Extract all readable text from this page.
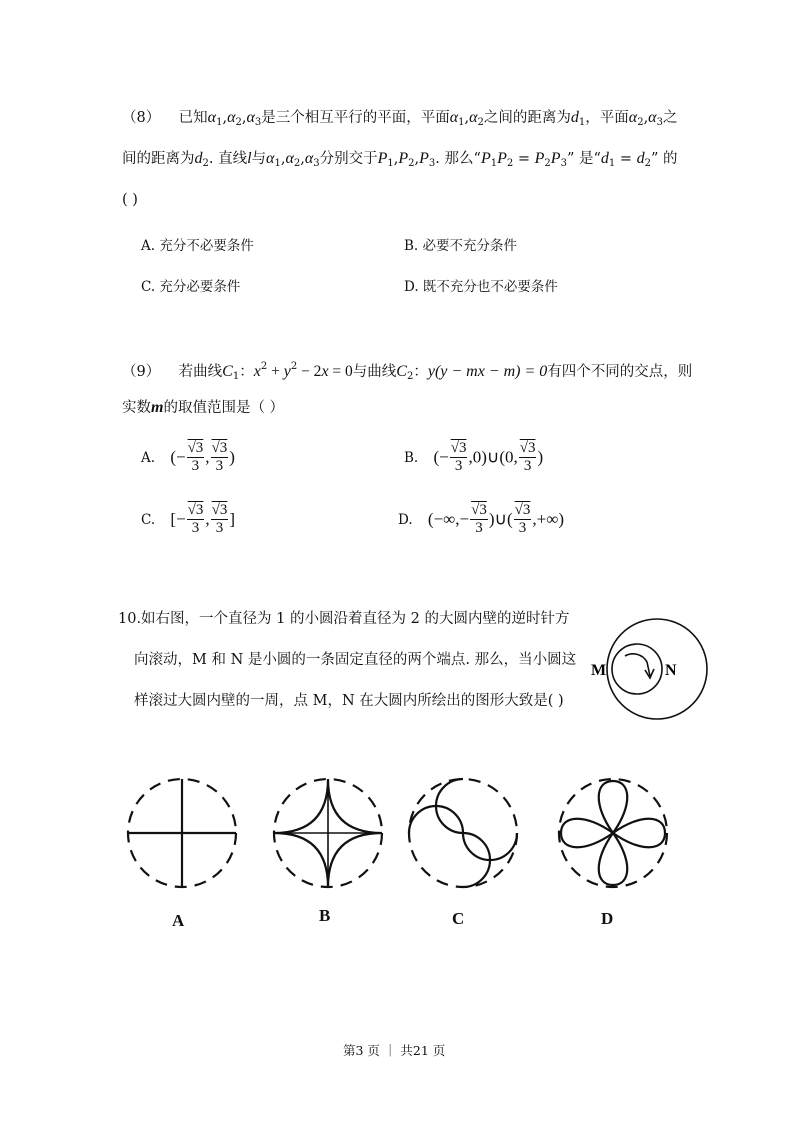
（8） 已知$\alpha_1,\alpha_2,\alpha_3$是三个相互平行的平面，平面$\alpha_1,\alpha_2$之间的距离为$d_1$，平面$\alpha_2,\alpha_3$之
间的距离为$d_2$. 直线l与$\alpha_1,\alpha_2,\alpha_3$分别交于$P_1,P_2,P_3$. 那么“$P_1P_2 = P_2P_3$” 是“$d_1 = d_2$” 的
( )
A. 充分不必要条件	B. 必要不充分条件
C. 充分必要条件	D. 既不充分也不必要条件
（9） 若曲线$C_1$：$x^2 + y^2 - 2x = 0$与曲线$C_2$：y(y − mx − m) = 0有四个不同的交点，则
实数m的取值范围是（ ）
A. (− $\frac{√3}{3}$ , $\frac{√3}{3}$ )	B. (− $\frac{√3}{3}$ ,0)∪(0, $\frac{√3}{3}$ )
C. [− $\frac{√3}{3}$ , $\frac{√3}{3}$ ]	D. (−∞,− $\frac{√3}{3}$ )∪( $\frac{√3}{3}$ ,+∞)
10.如右图，一个直径为 1 的小圆沿着直径为 2 的大圆内壁的逆时针方
向滚动，M 和 N 是小圆的一条固定直径的两个端点. 那么，当小圆这
样滚过大圆内壁的一周，点 M，N 在大圆内所绘出的图形大致是( )
M	N
A	B	C	D
第3 页 ｜ 共21 页
